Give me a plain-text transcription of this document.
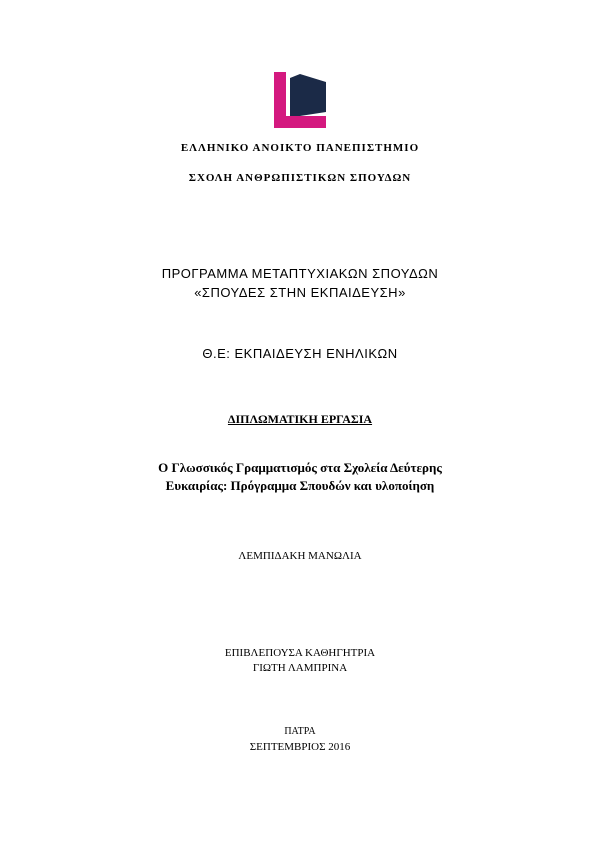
ΕΛΛΗΝΙΚΟ ΑΝΟΙΚΤΟ ΠΑΝΕΠΙΣΤΗΜΙΟ
ΣΧΟΛΗ ΑΝΘΡΩΠΙΣΤΙΚΩΝ ΣΠΟΥΔΩΝ
ΠΡΟΓΡΑΜΜΑ ΜΕΤΑΠΤΥΧΙΑΚΩΝ ΣΠΟΥΔΩΝ
«ΣΠΟΥΔΕΣ ΣΤΗΝ ΕΚΠΑΙΔΕΥΣΗ»
Θ.Ε: ΕΚΠΑΙΔΕΥΣΗ ΕΝΗΛΙΚΩΝ
ΔΙΠΛΩΜΑΤΙΚΗ ΕΡΓΑΣΙΑ
Ο Γλωσσικός Γραμματισμός στα Σχολεία Δεύτερης
Ευκαιρίας: Πρόγραμμα Σπουδών και υλοποίηση
ΛΕΜΠΙΔΑΚΗ ΜΑΝΩΛΙΑ
ΕΠΙΒΛΕΠΟΥΣΑ ΚΑΘΗΓΗΤΡΙΑ
ΓΙΩΤΗ ΛΑΜΠΡΙΝΑ
ΠΑΤΡΑ
ΣΕΠΤΕΜΒΡΙΟΣ 2016
